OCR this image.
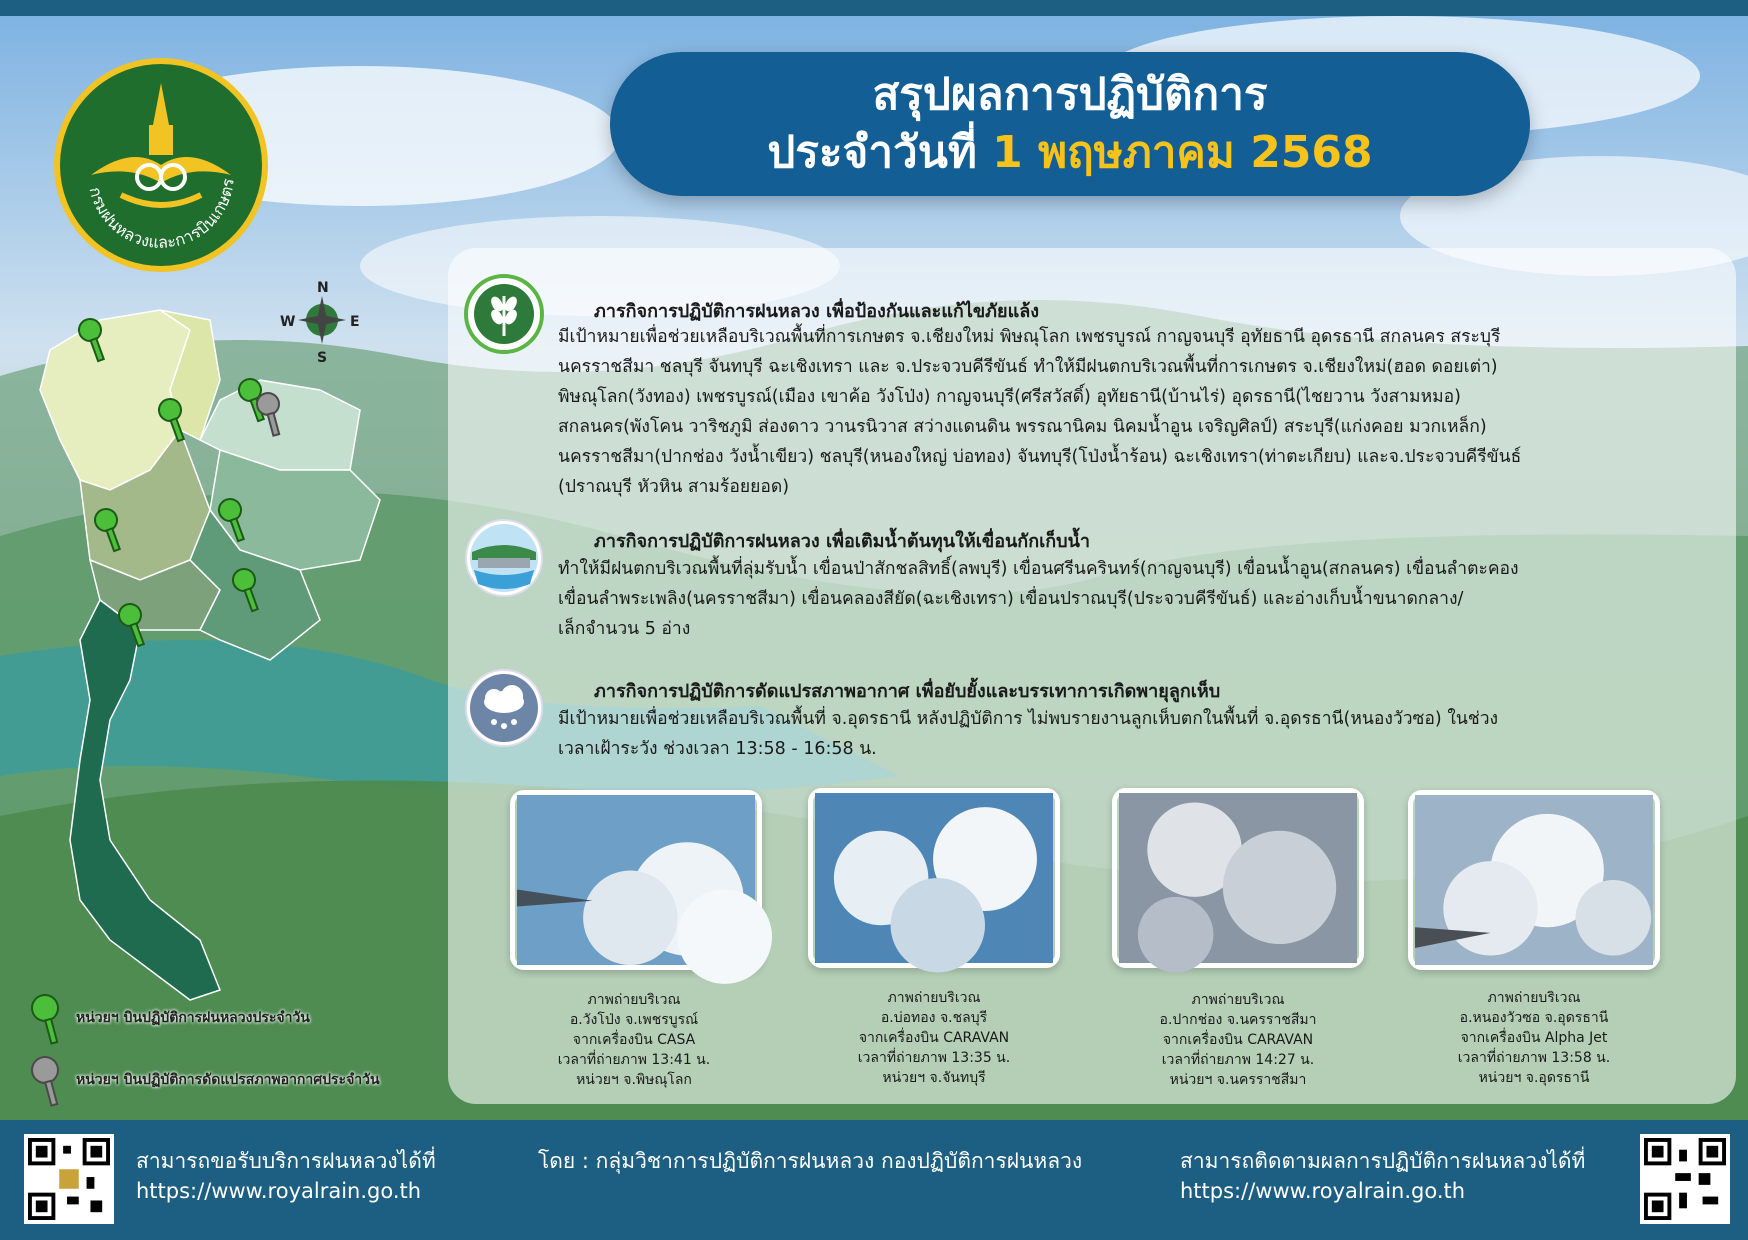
กรมฝนหลวงและการบินเกษตร
สรุปผลการปฏิบัติการ
ประจำวันที่ 1 พฤษภาคม 2568
N
S
W	E
หน่วยฯ บินปฏิบัติการฝนหลวงประจำวัน
หน่วยฯ บินปฏิบัติการดัดแปรสภาพอากาศประจำวัน
ภารกิจการปฏิบัติการฝนหลวง เพื่อป้องกันและแก้ไขภัยแล้ง
มีเป้าหมายเพื่อช่วยเหลือบริเวณพื้นที่การเกษตร จ.เชียงใหม่ พิษณุโลก เพชรบูรณ์ กาญจนบุรี อุทัยธานี อุดรธานี สกลนคร สระบุรี
นครราชสีมา ชลบุรี จันทบุรี ฉะเชิงเทรา และ จ.ประจวบคีรีขันธ์ ทำให้มีฝนตกบริเวณพื้นที่การเกษตร จ.เชียงใหม่(ฮอด ดอยเต่า)
พิษณุโลก(วังทอง) เพชรบูรณ์(เมือง เขาค้อ วังโป่ง) กาญจนบุรี(ศรีสวัสดิ์) อุทัยธานี(บ้านไร่) อุดรธานี(ไชยวาน วังสามหมอ)
สกลนคร(พังโคน วาริชภูมิ ส่องดาว วานรนิวาส สว่างแดนดิน พรรณานิคม นิคมน้ำอูน เจริญศิลป์) สระบุรี(แก่งคอย มวกเหล็ก)
นครราชสีมา(ปากช่อง วังน้ำเขียว) ชลบุรี(หนองใหญ่ บ่อทอง) จันทบุรี(โป่งน้ำร้อน) ฉะเชิงเทรา(ท่าตะเกียบ) และจ.ประจวบคีรีขันธ์
(ปราณบุรี หัวหิน สามร้อยยอด)
ภารกิจการปฏิบัติการฝนหลวง เพื่อเติมน้ำต้นทุนให้เขื่อนกักเก็บน้ำ
ทำให้มีฝนตกบริเวณพื้นที่ลุ่มรับน้ำ เขื่อนป่าสักชลสิทธิ์(ลพบุรี) เขื่อนศรีนครินทร์(กาญจนบุรี) เขื่อนน้ำอูน(สกลนคร) เขื่อนลำตะคอง
เขื่อนลำพระเพลิง(นครราชสีมา) เขื่อนคลองสียัด(ฉะเชิงเทรา) เขื่อนปราณบุรี(ประจวบคีรีขันธ์) และอ่างเก็บน้ำขนาดกลาง/
เล็กจำนวน 5 อ่าง
ภารกิจการปฏิบัติการดัดแปรสภาพอากาศ เพื่อยับยั้งและบรรเทาการเกิดพายุลูกเห็บ
มีเป้าหมายเพื่อช่วยเหลือบริเวณพื้นที่ จ.อุดรธานี หลังปฏิบัติการ ไม่พบรายงานลูกเห็บตกในพื้นที่ จ.อุดรธานี(หนองวัวซอ) ในช่วง
เวลาเฝ้าระวัง ช่วงเวลา 13:58 - 16:58 น.
ภาพถ่ายบริเวณ
อ.วังโป่ง จ.เพชรบูรณ์
จากเครื่องบิน CASA
เวลาที่ถ่ายภาพ 13:41 น.
หน่วยฯ จ.พิษณุโลก
ภาพถ่ายบริเวณ
อ.บ่อทอง จ.ชลบุรี
จากเครื่องบิน CARAVAN
เวลาที่ถ่ายภาพ 13:35 น.
หน่วยฯ จ.จันทบุรี
ภาพถ่ายบริเวณ
อ.ปากช่อง จ.นครราชสีมา
จากเครื่องบิน CARAVAN
เวลาที่ถ่ายภาพ 14:27 น.
หน่วยฯ จ.นครราชสีมา
ภาพถ่ายบริเวณ
อ.หนองวัวซอ จ.อุดรธานี
จากเครื่องบิน Alpha Jet
เวลาที่ถ่ายภาพ 13:58 น.
หน่วยฯ จ.อุดรธานี
สามารถขอรับบริการฝนหลวงได้ที่
https://www.royalrain.go.th
โดย : กลุ่มวิชาการปฏิบัติการฝนหลวง กองปฏิบัติการฝนหลวง	สามารถติดตามผลการปฏิบัติการฝนหลวงได้ที่
https://www.royalrain.go.th
